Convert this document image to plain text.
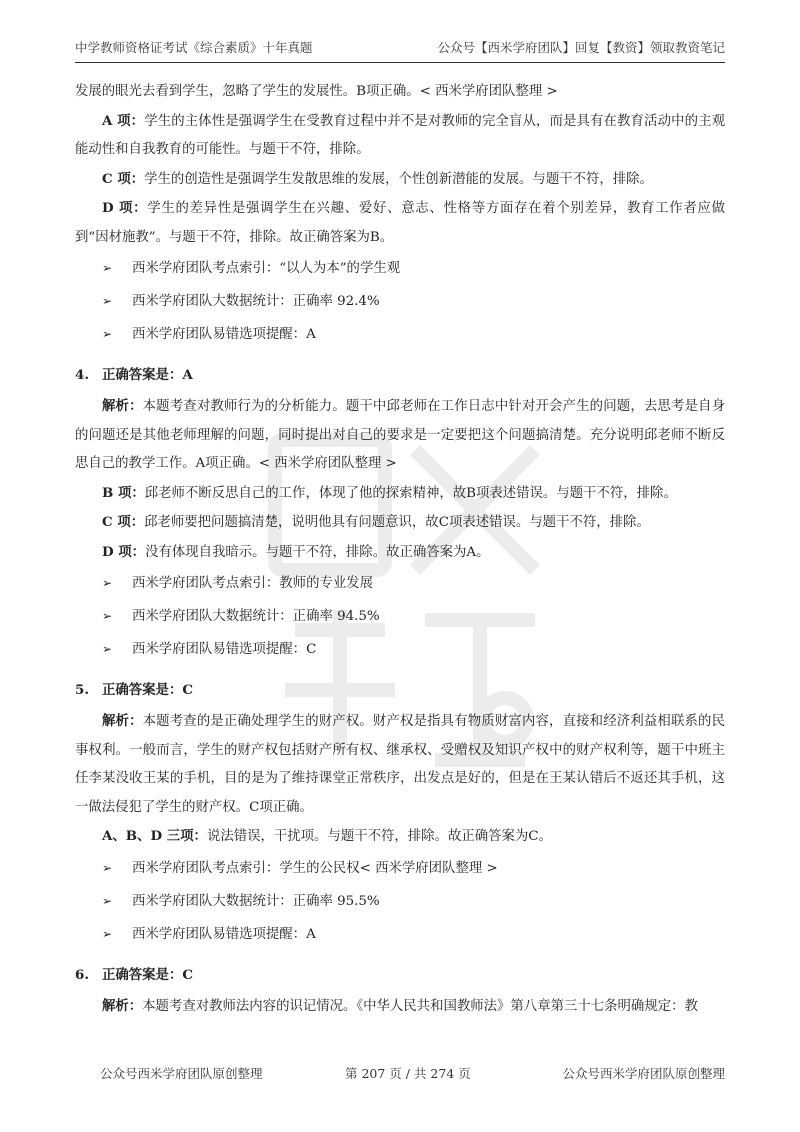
中学教师资格证考试《综合素质》十年真题	公众号【西米学府团队】回复【教资】领取教资笔记

发展的眼光去看到学生，忽略了学生的发展性。B项正确。< 西米学府团队整理 >

A 项：学生的主体性是强调学生在受教育过程中并不是对教师的完全盲从，而是具有在教育活动中的主观能动性和自我教育的可能性。与题干不符，排除。

C 项：学生的创造性是强调学生发散思维的发展，个性创新潜能的发展。与题干不符，排除。

D 项：学生的差异性是强调学生在兴趣、爱好、意志、性格等方面存在着个别差异，教育工作者应做到“因材施教”。与题干不符，排除。故正确答案为B。

➢ 西米学府团队考点索引：“以人为本”的学生观
➢ 西米学府团队大数据统计：正确率 92.4%
➢ 西米学府团队易错选项提醒：A
4. 正确答案是：A

解析：本题考查对教师行为的分析能力。题干中邱老师在工作日志中针对开会产生的问题，去思考是自身的问题还是其他老师理解的问题，同时提出对自己的要求是一定要把这个问题搞清楚。充分说明邱老师不断反思自己的教学工作。A项正确。< 西米学府团队整理 >

B 项：邱老师不断反思自己的工作，体现了他的探索精神，故B项表述错误。与题干不符，排除。

C 项：邱老师要把问题搞清楚，说明他具有问题意识，故C项表述错误。与题干不符，排除。

D 项：没有体现自我暗示。与题干不符，排除。故正确答案为A。

➢ 西米学府团队考点索引：教师的专业发展
➢ 西米学府团队大数据统计：正确率 94.5%
➢ 西米学府团队易错选项提醒：C
5. 正确答案是：C

解析：本题考查的是正确处理学生的财产权。财产权是指具有物质财富内容，直接和经济利益相联系的民事权利。一般而言，学生的财产权包括财产所有权、继承权、受赠权及知识产权中的财产权利等，题干中班主任李某没收王某的手机，目的是为了维持课堂正常秩序，出发点是好的，但是在王某认错后不返还其手机，这一做法侵犯了学生的财产权。C项正确。

A、B、D 三项：说法错误，干扰项。与题干不符，排除。故正确答案为C。

➢ 西米学府团队考点索引：学生的公民权< 西米学府团队整理 >
➢ 西米学府团队大数据统计：正确率 95.5%
➢ 西米学府团队易错选项提醒：A
6. 正确答案是：C

解析：本题考查对教师法内容的识记情况。《中华人民共和国教师法》第八章第三十七条明确规定：教

公众号西米学府团队原创整理	第 207 页 / 共 274 页	公众号西米学府团队原创整理
